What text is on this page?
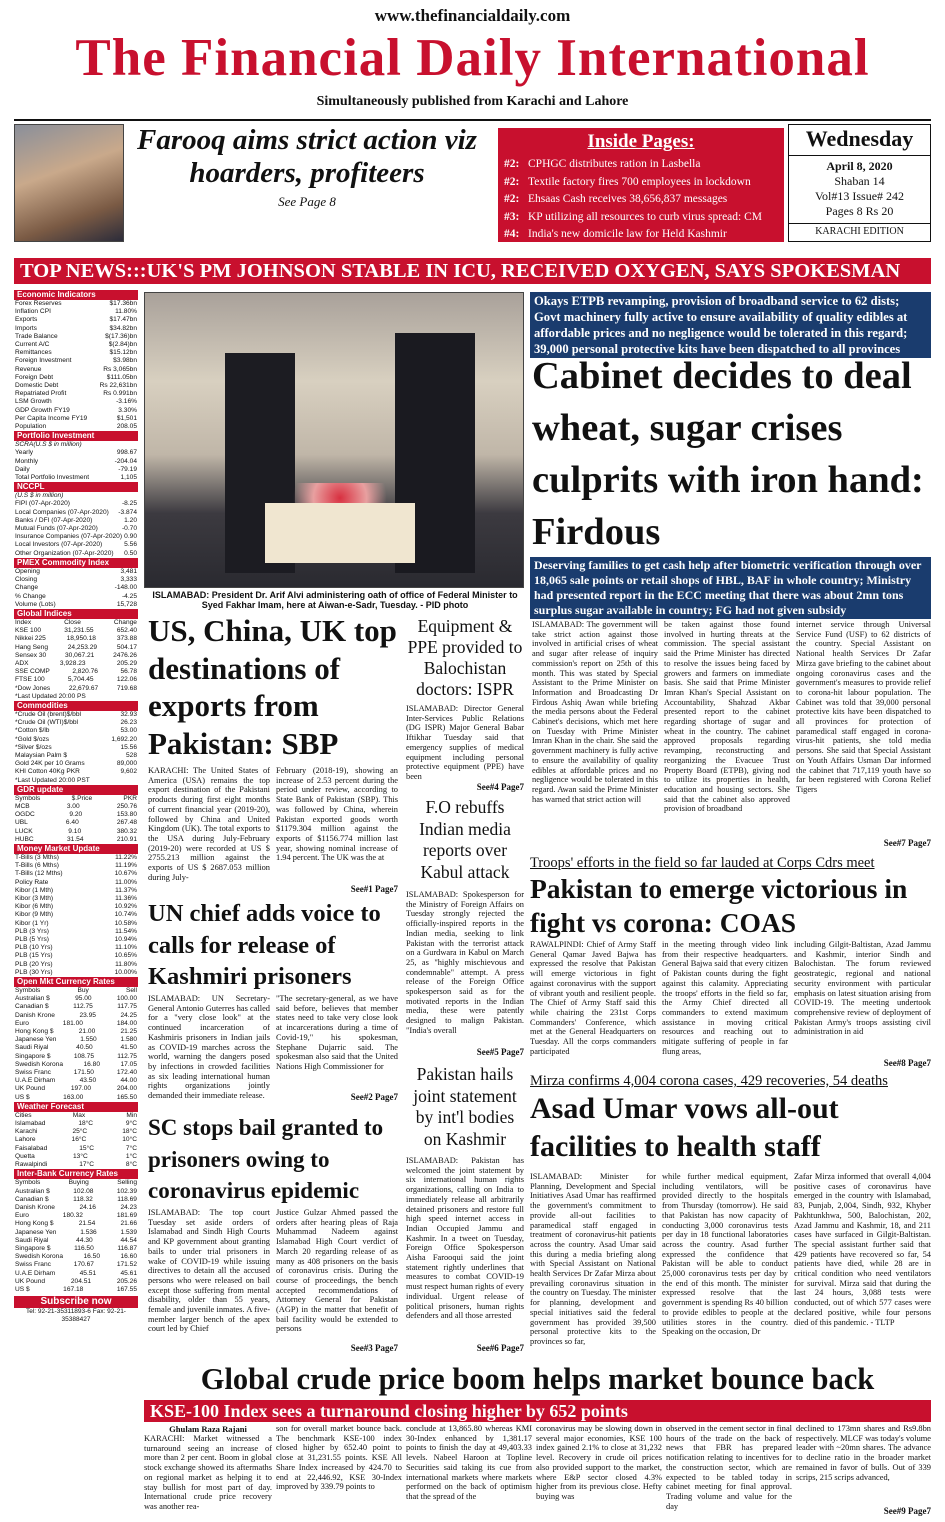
www.thefinancialdaily.com
The Financial Daily International
Simultaneously published from Karachi and Lahore
Farooq aims strict action viz hoarders, profiteers

See Page 8

Inside Pages:
#2: CPHGC distributes ration in Lasbella
#2: Textile factory fires 700 employees in lockdown
#2: Ehsaas Cash receives 38,656,837 messages
#3: KP utilizing all resources to curb virus spread: CM
#4: India's new domicile law for Held Kashmir
Wednesday
April 8, 2020
Shaban 14
Vol#13 Issue# 242
Pages 8 Rs 20
KARACHI EDITION
TOP NEWS:::UK'S PM JOHNSON STABLE IN ICU, RECEIVED OXYGEN, SAYS SPOKESMAN
Economic Indicators
Forex Reserves	$17.36bn
Inflation CPI	11.80%
Exports	$17.47bn
Imports	$34.82bn
Trade Balance	$(17.36)bn
Current A/C	$(2.84)bn
Remittances	$15.12bn
Foreign Investment	$3.98bn
Revenue	Rs 3,065bn
Foreign Debt	$111.05bn
Domestic Debt	Rs 22,631bn
Repatriated Profit	Rs 0.991bn
LSM Growth	-3.16%
GDP Growth FY19	3.30%
Per Capita Income FY19	$1,501
Population	208.05
Portfolio Investment
SCRA(U.S $ in million)
Yearly	998.67
Monthly	-204.04
Daily	-79.19
Total Portfolio Investment	1,105
NCCPL
(U.S $ in million)
FIPI (07-Apr-2020)	-8.25
Local Companies (07-Apr-2020) -3.874
Banks / DFI (07-Apr-2020)	1.20
Mutual Funds (07-Apr-2020)	-0.70
Insurance Companies (07-Apr-2020) 0.90
Local Investors (07-Apr-2020)	5.56
Other Organization (07-Apr-2020) 0.50
PMEX Commodity Index
Opening	3,481
Closing	3,333
Change	-148.00
% Change	-4.25
Volume (Lots)	15,728
Global Indices
Index	Close	Change
KSE 100	31,231.55	652.40
Nikkei 225	18,950.18	373.88
Hang Seng	24,253.29	504.17
Sensex 30	30,067.21	2476.26
ADX	3,928.23	205.29
SSE COMP	2,820.76	56.78
FTSE 100	5,704.45	122.06
*Dow Jones	22,679.67	719.68
*Last Updated 20:00 PS
Commodities
*Crude Oil (brent)$/bbl	32.93
*Crude Oil (WTI)$/bbl	26.23
*Cotton $/lb	53.00
*Gold $/ozs	1,692.20
*Silver $/ozs	15.56
Malaysian Palm $	528
Gold 24K per 10 Grams	89,000
KHI Cotton 40Kg PKR	9,602
*Last Updated 20:00 PST
GDR update
Symbols	$.Price	PKR
MCB	3.00	250.76
OGDC	9.20	153.80
UBL	6.40	267.48
LUCK	9.10	380.32
HUBC	31.54	210.91
Money Market Update
T-Bills (3 Mths)	11.22%
T-Bills (6 Mths)	11.19%
T-Bills (12 Mths)	10.67%
Policy Rate	11.00%
Kibor (1 Mth)	11.37%
Kibor (3 Mth)	11.36%
Kibor (6 Mth)	10.92%
Kibor (9 Mth)	10.74%
Kibor (1 Yr)	10.58%
PLB (3 Yrs)	11.54%
PLB (5 Yrs)	10.94%
PLB (10 Yrs)	11.10%
PLB (15 Yrs)	10.65%
PLB (20 Yrs)	11.80%
PLB (30 Yrs)	10.00%
Open Mkt Currency Rates
Symbols	Buy	Sell
Australian $	95.00	100.00
Canadian $	112.75	117.75
Danish Krone	23.95	24.25
Euro	181.00	184.00
Hong Kong $	21.00	21.25
Japanese Yen	1.550	1.580
Saudi Riyal	40.50	41.50
Singapore $	108.75	112.75
Swedish Korona	16.80	17.05
Swiss Franc	171.50	172.40
U.A.E Dirham	43.50	44.00
UK Pound	197.00	204.00
US $	163.00	165.50
Weather Forecast
Cities	Max	Min
Islamabad	18°C	9°C
Karachi	25°C	18°C
Lahore	16°C	10°C
Faisalabad	15°C	7°C
Quetta	13°C	1°C
Rawalpindi	17°C	8°C
Inter-Bank Currency Rates
Symbols	Buying	Selling
Australian $	102.08	102.39
Canadian $	118.32	118.69
Danish Krone	24.16	24.23
Euro	180.32	181.69
Hong Kong $	21.54	21.66
Japanese Yen	1.536	1.539
Saudi Riyal	44.30	44.54
Singapore $	116.50	116.87
Swedish Korona	16.50	16.60
Swiss Franc	170.67	171.52
U.A.E Dirham	45.51	45.61
UK Pound	204.51	205.26
US $	167.18	167.55
Subscribe now
Tel: 92-21-35311893-6 Fax: 92-21-35388427
ISLAMABAD: President Dr. Arif Alvi administering oath of office of Federal Minister to Syed Fakhar Imam, here at Aiwan-e-Sadr, Tuesday. - PID photo
Okays ETPB revamping, provision of broadband service to 62 dists; Govt machinery fully active to ensure availability of quality edibles at affordable prices and no negligence would be tolerated in this regard; 39,000 personal protective kits have been dispatched to all provinces
Cabinet decides to deal wheat, sugar crises culprits with iron hand: Firdous
Deserving families to get cash help after biometric verification through over 18,065 sale points or retail shops of HBL, BAF in whole country; Ministry had presented report in the ECC meeting that there was about 2mn tons surplus sugar available in country; FG had not given subsidy
ISLAMABAD: The government will take strict action against those involved in artificial crises of wheat and sugar after release of inquiry commission's report on 25th of this month. This was stated by Special Assistant to the Prime Minister on Information and Broadcasting Dr Firdous Ashiq Awan while briefing the media persons about the Federal Cabinet's decisions, which met here on Tuesday with Prime Minister Imran Khan in the chair. She said the government machinery is fully active to ensure the availability of quality edibles at affordable prices and no negligence would be tolerated in this regard. Awan said the Prime Minister has warned that strict action will
be taken against those found involved in hurting threats at the commission. The special assistant said the Prime Minister has directed to resolve the issues being faced by growers and farmers on immediate basis. She said that Prime Minister Imran Khan's Special Assistant on Accountability, Shahzad Akbar presented report to the cabinet regarding shortage of sugar and wheat in the country. The cabinet approved proposals regarding revamping, reconstructing and reorganizing the Evacuee Trust Property Board (ETPB), giving nod to utilize its properties in health, education and housing sectors. She said that the cabinet also approved provision of broadband
internet service through Universal Service Fund (USF) to 62 districts of the country. Special Assistant on National health Services Dr Zafar Mirza gave briefing to the cabinet about ongoing coronavirus cases and the government's measures to provide relief to corona-hit labour population. The Cabinet was told that 39,000 personal protective kits have been dispatched to all provinces for protection of paramedical staff engaged in corona-virus-hit patients, she told media persons. She said that Special Assistant on Youth Affairs Usman Dar informed the cabinet that 717,119 youth have so far been registered with Corona Relief Tigers
See#7 Page7
US, China, UK top destinations of exports from Pakistan: SBP
KARACHI: The United States of America (USA) remains the top export destination of the Pakistani products during first eight months of current financial year (2019-20), followed by China and United Kingdom (UK). The total exports to the USA during July-February (2019-20) were recorded at US $ 2755.213 million against the exports of US $ 2687.053 million during July-
February (2018-19), showing an increase of 2.53 percent during the period under review, according to State Bank of Pakistan (SBP). This was followed by China, wherein Pakistan exported goods worth $1179.304 million against the exports of $1156.774 million last year, showing nominal increase of 1.94 percent. The UK was the at
See#1 Page7
Equipment & PPE provided to Balochistan doctors: ISPR
ISLAMABAD: Director General Inter-Services Public Relations (DG ISPR) Major General Babar Iftikhar Tuesday said that emergency supplies of medical equipment including personal protective equipment (PPE) have been
See#4 Page7
F.O rebuffs Indian media reports over Kabul attack
ISLAMABAD: Spokesperson for the Ministry of Foreign Affairs on Tuesday strongly rejected the officially-inspired reports in the Indian media, seeking to link Pakistan with the terrorist attack on a Gurdwara in Kabul on March 25, as "highly mischievous and condemnable" attempt. A press release of the Foreign Office spokesperson said as for the motivated reports in the Indian media, these were patently designed to malign Pakistan. "India's overall
See#5 Page7
UN chief adds voice to calls for release of Kashmiri prisoners
ISLAMABAD: UN Secretary-General Antonio Guterres has called for a "very close look" at the continued incarceration of Kashmiris prisoners in Indian jails as COVID-19 marches across the world, warning the dangers posed by infections in crowded facilities as six leading international human rights organizations jointly demanded their immediate release.
"The secretary-general, as we have said before, believes that member states need to take very close look at incarcerations during a time of Covid-19," his spokesman, Stephane Dujarric said. The spokesman also said that the United Nations High Commissioner for
See#2 Page7
Pakistan hails joint statement by int'l bodies on Kashmir
ISLAMABAD: Pakistan has welcomed the joint statement by six international human rights organizations, calling on India to immediately release all arbitrarily detained prisoners and restore full high speed internet access in Indian Occupied Jammu and Kashmir. In a tweet on Tuesday, Foreign Office Spokesperson Aisha Farooqui said the joint statement rightly underlines that measures to combat COVID-19 must respect human rights of every individual. Urgent release of political prisoners, human rights defenders and all those arrested
See#6 Page7
SC stops bail granted to prisoners owing to coronavirus epidemic
ISLAMABAD: The top court Tuesday set aside orders of Islamabad and Sindh High Courts and KP government about granting bails to under trial prisoners in wake of COVID-19 while issuing directives to detain all the accused persons who were released on bail except those suffering from mental disability, older than 55 years, female and juvenile inmates. A five-member larger bench of the apex court led by Chief
Justice Gulzar Ahmed passed the orders after hearing pleas of Raja Muhammad Nadeem against Islamabad High Court verdict of March 20 regarding release of as many as 408 prisoners on the basis of coronavirus crisis. During the course of proceedings, the bench accepted recommendations of Attorney General for Pakistan (AGP) in the matter that benefit of bail facility would be extended to persons
See#3 Page7
Troops' efforts in the field so far lauded at Corps Cdrs meet
Pakistan to emerge victorious in fight vs corona: COAS
RAWALPINDI: Chief of Army Staff General Qamar Javed Bajwa has expressed the resolve that Pakistan will emerge victorious in fight against coronavirus with the support of vibrant youth and resilient people. The Chief of Army Staff said this while chairing the 231st Corps Commanders' Conference, which met at the General Headquarters on Tuesday. All the corps commanders participated
in the meeting through video link from their respective headquarters. General Bajwa said that every citizen of Pakistan counts during the fight against this calamity. Appreciating the troops' efforts in the field so far, the Army Chief directed all commanders to extend maximum assistance in moving critical resources and reaching out to mitigate suffering of people in far flung areas,
including Gilgit-Baltistan, Azad Jammu and Kashmir, interior Sindh and Balochistan. The forum reviewed geostrategic, regional and national security environment with particular emphasis on latest situation arising from COVID-19. The meeting undertook comprehensive review of deployment of Pakistan Army's troops assisting civil administration in aid
See#8 Page7
Mirza confirms 4,004 corona cases, 429 recoveries, 54 deaths
Asad Umar vows all-out facilities to health staff
ISLAMABAD: Minister for Planning, Development and Special Initiatives Asad Umar has reaffirmed the government's commitment to provide all-out facilities to paramedical staff engaged in treatment of coronavirus-hit patients across the country. Asad Umar said this during a media briefing along with Special Assistant on National health Services Dr Zafar Mirza about prevailing coronavirus situation in the country on Tuesday. The minister for planning, development and special initiatives said the federal government has provided 39,500 personal protective kits to the provinces so far,
while further medical equipment, including ventilators, will be provided directly to the hospitals from Thursday (tomorrow). He said that Pakistan has now capacity of conducting 3,000 coronavirus tests per day in 18 functional laboratories across the country. Asad further expressed the confidence that Pakistan will be able to conduct 25,000 coronavirus tests per day by the end of this month. The minister expressed resolve that the government is spending Rs 40 billion to provide edibles to people at the utilities stores in the country. Speaking on the occasion, Dr
Zafar Mirza informed that overall 4,004 positive cases of coronavirus have emerged in the country with Islamabad, 83, Punjab, 2,004, Sindh, 932, Khyber Pakhtunkhwa, 500, Balochistan, 202, Azad Jammu and Kashmir, 18, and 211 cases have surfaced in Gilgit-Baltistan. The special assistant further said that 429 patients have recovered so far, 54 patients have died, while 28 are in critical condition who need ventilators for survival. Mirza said that during the last 24 hours, 3,088 tests were conducted, out of which 577 cases were declared positive, while four persons died of this pandemic. - TLTP
Global crude price boom helps market bounce back
KSE-100 Index sees a turnaround closing higher by 652 points
Ghulam Raza Rajani
KARACHI: Market witnessed a turnaround seeing an increase of more than 2 per cent. Boom in global stock exchange showed its aftermaths on regional market as helping it to stay bullish for most part of day. International crude price recovery was another rea-
son for overall market bounce back. The benchmark KSE-100 index closed higher by 652.40 point to close at 31,231.55 points. KSE All Share Index increased by 424.70 to end at 22,446.92, KSE 30-Index improved by 339.79 points to
conclude at 13,865.80 whereas KMI 30-Index enhanced by 1,381.17 points to finish the day at 49,403.33 levels. Nabeel Haroon at Topline Securities said taking its cue from international markets where markets performed on the back of optimism that the spread of the
coronavirus may be slowing down in several major economies, KSE 100 index gained 2.1% to close at 31,232 level. Recovery in crude oil prices also provided support to the market, where E&P sector closed 4.3% higher from its previous close. Hefty buying was
observed in the cement sector in final hours of the trade on the back of news that FBR has prepared notification relating to incentives for the construction sector, which are expected to be tabled today in cabinet meeting for final approval. Trading volume and value for the day
declined to 173mn shares and Rs9.8bn respectively. MLCF was today's volume leader with ~20mn shares. The advance to decline ratio in the broader market remained in favor of bulls. Out of 339 scrips, 215 scrips advanced,
See#9 Page7
